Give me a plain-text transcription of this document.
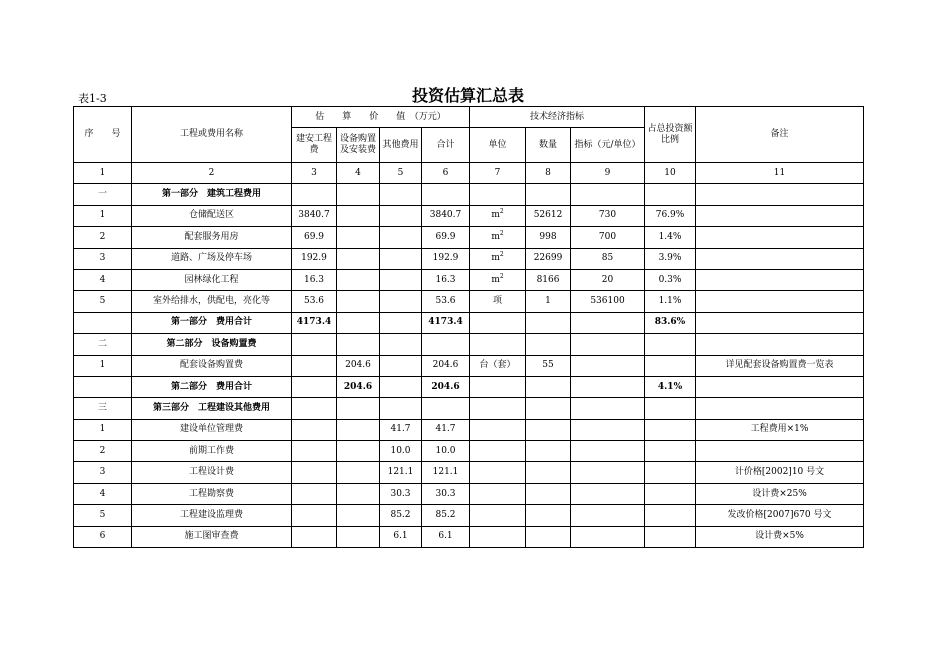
投资估算汇总表
表1-3
序　　号	工程或费用名称	估　　算　　价　　值　（万元）				技术经济指标			占总投资额比例	备注
		建安工程费	设备购置及安装费	其他费用	合计	单位	数量	指标（元/单位）		
1	2	3	4	5	6	7	8	9	10	11
一	第一部分　建筑工程费用									
1	仓储配送区	3840.7			3840.7	$m^2$	52612	730	76.9%	
2	配套服务用房	69.9			69.9	$m^2$	998	700	1.4%	
3	道路、广场及停车场	192.9			192.9	$m^2$	22699	85	3.9%	
4	园林绿化工程	16.3			16.3	$m^2$	8166	20	0.3%	
5	室外给排水，供配电，亮化等	53.6			53.6	项	1	536100	1.1%	
	第一部分　费用合计	4173.4			4173.4				83.6%	
二	第二部分　设备购置费									
1	配套设备购置费		204.6		204.6	台（套）	55			详见配套设备购置费一览表
	第二部分　费用合计		204.6		204.6				4.1%	
三	第三部分　工程建设其他费用									
1	建设单位管理费			41.7	41.7					工程费用×1%
2	前期工作费			10.0	10.0					
3	工程设计费			121.1	121.1					计价格[2002]10 号文
4	工程勘察费			30.3	30.3					设计费×25%
5	工程建设监理费			85.2	85.2					发改价格[2007]670 号文
6	施工图审查费			6.1	6.1					设计费×5%
